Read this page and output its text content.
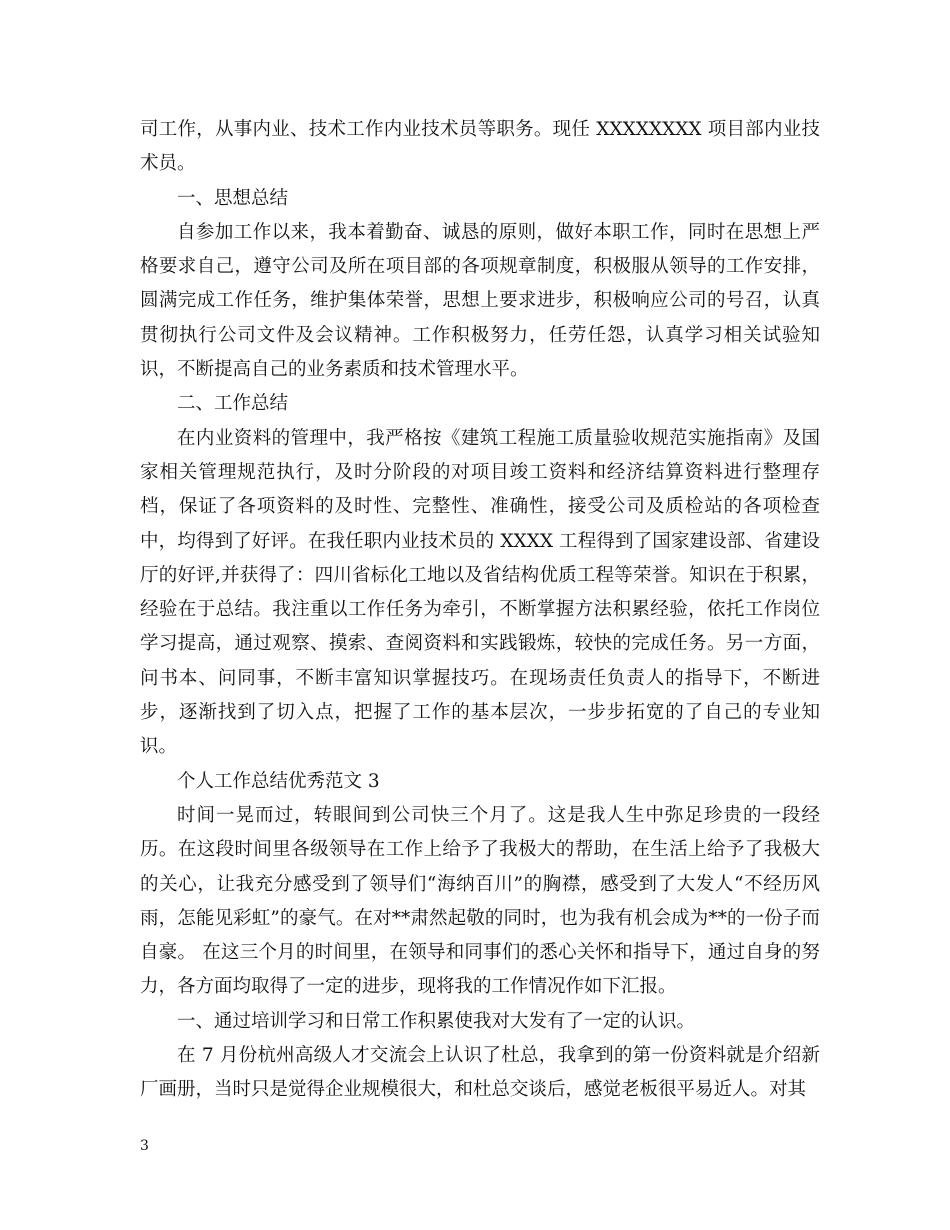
司工作，从事内业、技术工作内业技术员等职务。现任 XXXXXXXX 项目部内业技术员。

一、思想总结

自参加工作以来，我本着勤奋、诚恳的原则，做好本职工作，同时在思想上严格要求自己，遵守公司及所在项目部的各项规章制度，积极服从领导的工作安排，圆满完成工作任务，维护集体荣誉，思想上要求进步，积极响应公司的号召，认真贯彻执行公司文件及会议精神。工作积极努力，任劳任怨，认真学习相关试验知识，不断提高自己的业务素质和技术管理水平。

二、工作总结

在内业资料的管理中，我严格按《建筑工程施工质量验收规范实施指南》及国家相关管理规范执行，及时分阶段的对项目竣工资料和经济结算资料进行整理存档，保证了各项资料的及时性、完整性、准确性，接受公司及质检站的各项检查中，均得到了好评。在我任职内业技术员的 XXXX 工程得到了国家建设部、省建设厅的好评,并获得了：四川省标化工地以及省结构优质工程等荣誉。知识在于积累，经验在于总结。我注重以工作任务为牵引，不断掌握方法积累经验，依托工作岗位学习提高，通过观察、摸索、查阅资料和实践锻炼，较快的完成任务。另一方面，问书本、问同事，不断丰富知识掌握技巧。在现场责任负责人的指导下，不断进步，逐渐找到了切入点，把握了工作的基本层次，一步步拓宽的了自己的专业知识。

个人工作总结优秀范文 3

时间一晃而过，转眼间到公司快三个月了。这是我人生中弥足珍贵的一段经历。在这段时间里各级领导在工作上给予了我极大的帮助，在生活上给予了我极大的关心，让我充分感受到了领导们“海纳百川”的胸襟，感受到了大发人“不经历风雨，怎能见彩虹”的豪气。在对**肃然起敬的同时，也为我有机会成为**的一份子而自豪。 在这三个月的时间里，在领导和同事们的悉心关怀和指导下，通过自身的努力，各方面均取得了一定的进步，现将我的工作情况作如下汇报。

一、通过培训学习和日常工作积累使我对大发有了一定的认识。

在 7 月份杭州高级人才交流会上认识了杜总，我拿到的第一份资料就是介绍新厂画册，当时只是觉得企业规模很大，和杜总交谈后，感觉老板很平易近人。对其

3
